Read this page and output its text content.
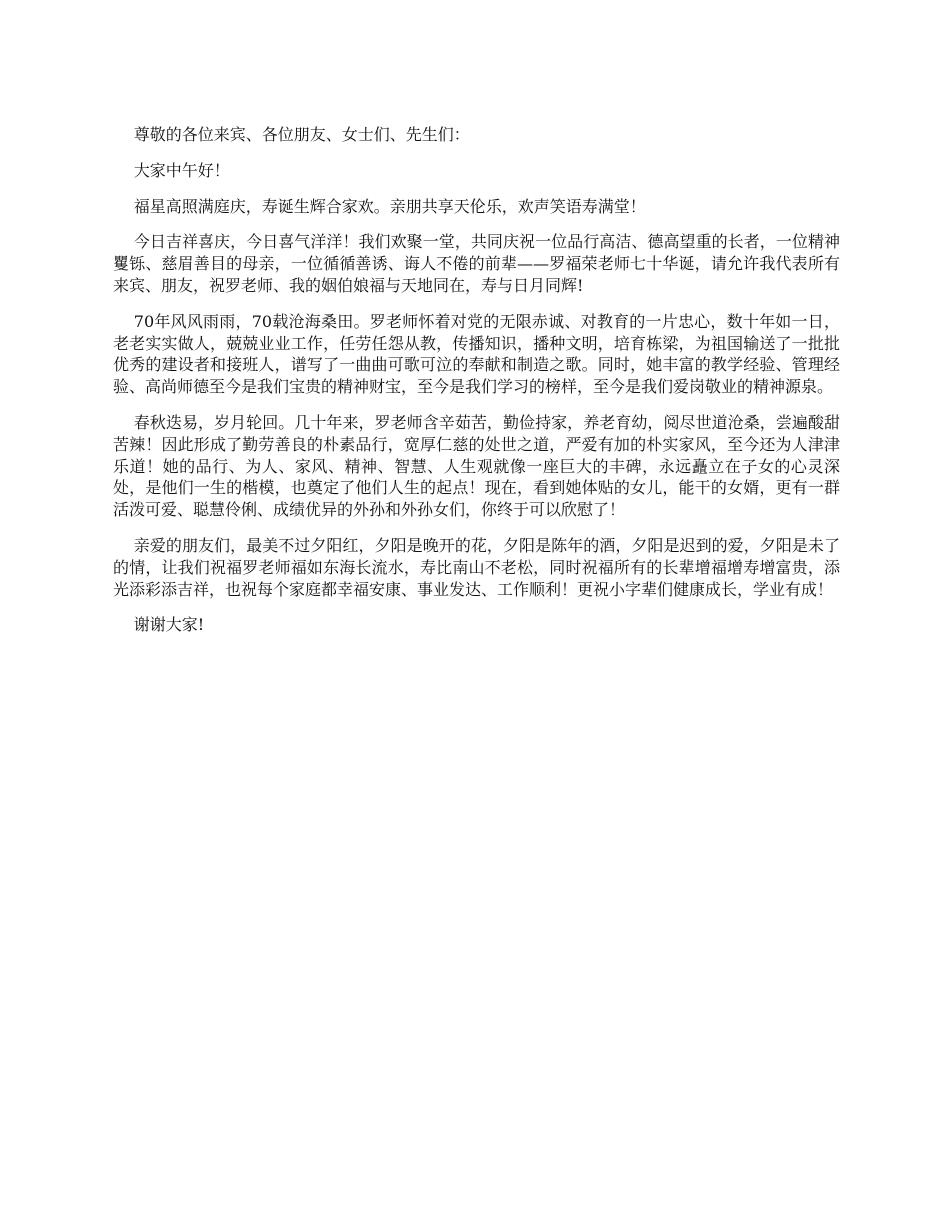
尊敬的各位来宾、各位朋友、女士们、先生们：

大家中午好！

福星高照满庭庆，寿诞生辉合家欢。亲朋共享天伦乐，欢声笑语寿满堂！

今日吉祥喜庆，今日喜气洋洋！我们欢聚一堂，共同庆祝一位品行高洁、德高望重的长者，一位精神矍铄、慈眉善目的母亲，一位循循善诱、诲人不倦的前辈——罗福荣老师七十华诞，请允许我代表所有来宾、朋友，祝罗老师、我的姻伯娘福与天地同在，寿与日月同辉!

70年风风雨雨，70载沧海桑田。罗老师怀着对党的无限赤诚、对教育的一片忠心，数十年如一日，老老实实做人，兢兢业业工作，任劳任怨从教，传播知识，播种文明，培育栋梁，为祖国输送了一批批优秀的建设者和接班人，谱写了一曲曲可歌可泣的奉献和制造之歌。同时，她丰富的教学经验、管理经验、高尚师德至今是我们宝贵的精神财宝，至今是我们学习的榜样，至今是我们爱岗敬业的精神源泉。

春秋迭易，岁月轮回。几十年来，罗老师含辛茹苦，勤俭持家，养老育幼，阅尽世道沧桑，尝遍酸甜苦辣！因此形成了勤劳善良的朴素品行，宽厚仁慈的处世之道，严爱有加的朴实家风，至今还为人津津乐道！她的品行、为人、家风、精神、智慧、人生观就像一座巨大的丰碑，永远矗立在子女的心灵深处，是他们一生的楷模，也奠定了他们人生的起点！现在，看到她体贴的女儿，能干的女婿，更有一群活泼可爱、聪慧伶俐、成绩优异的外孙和外孙女们，你终于可以欣慰了！

亲爱的朋友们，最美不过夕阳红，夕阳是晚开的花，夕阳是陈年的酒，夕阳是迟到的爱，夕阳是未了的情，让我们祝福罗老师福如东海长流水，寿比南山不老松，同时祝福所有的长辈增福增寿增富贵，添光添彩添吉祥，也祝每个家庭都幸福安康、事业发达、工作顺利！更祝小字辈们健康成长，学业有成！

谢谢大家!
